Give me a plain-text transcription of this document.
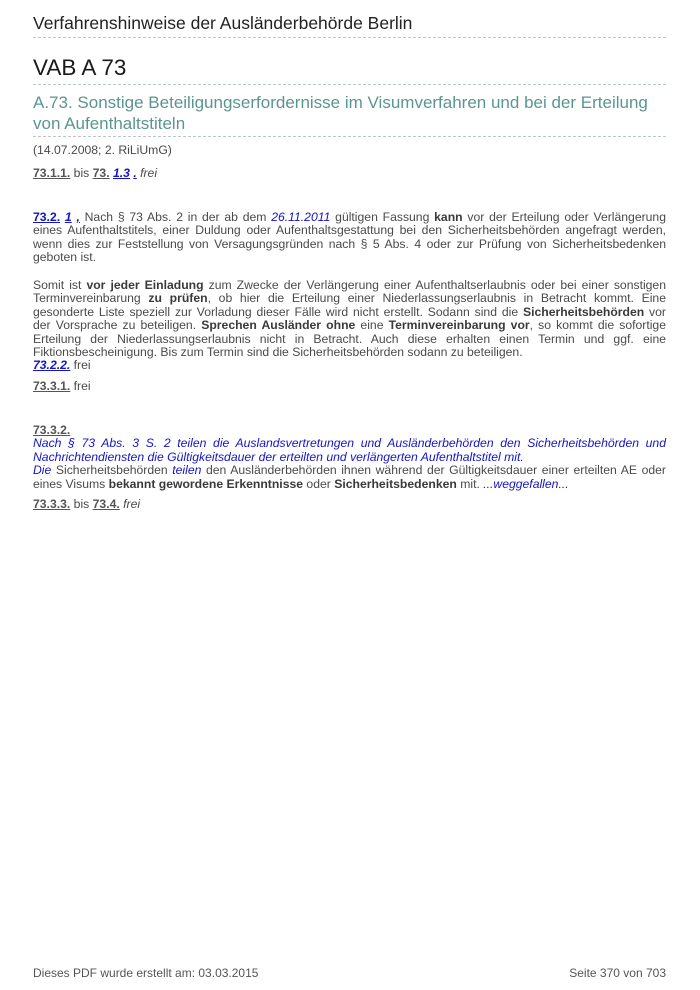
Verfahrenshinweise der Ausländerbehörde Berlin
VAB A 73
A.73. Sonstige Beteiligungserfordernisse im Visumverfahren und bei der Erteilung von Aufenthaltstiteln
(14.07.2008; 2. RiLiUmG)
73.1.1. bis 73. 1.3 . frei
73.2. 1 , Nach § 73 Abs. 2 in der ab dem 26.11.2011 gültigen Fassung kann vor der Erteilung oder Verlängerung eines Aufenthaltstitels, einer Duldung oder Aufenthaltsgestattung bei den Sicherheitsbehörden angefragt werden, wenn dies zur Feststellung von Versagungsgründen nach § 5 Abs. 4 oder zur Prüfung von Sicherheitsbedenken geboten ist.
Somit ist vor jeder Einladung zum Zwecke der Verlängerung einer Aufenthaltserlaubnis oder bei einer sonstigen Terminvereinbarung zu prüfen, ob hier die Erteilung einer Niederlassungserlaubnis in Betracht kommt. Eine gesonderte Liste speziell zur Vorladung dieser Fälle wird nicht erstellt. Sodann sind die Sicherheitsbehörden vor der Vorsprache zu beteiligen. Sprechen Ausländer ohne eine Terminvereinbarung vor, so kommt die sofortige Erteilung der Niederlassungserlaubnis nicht in Betracht. Auch diese erhalten einen Termin und ggf. eine Fiktionsbescheinigung. Bis zum Termin sind die Sicherheitsbehörden sodann zu beteiligen.
73.2.2. frei
73.3.1. frei
73.3.2.
Nach § 73 Abs. 3 S. 2 teilen die Auslandsvertretungen und Ausländerbehörden den Sicherheitsbehörden und Nachrichtendiensten die Gültigkeitsdauer der erteilten und verlängerten Aufenthaltstitel mit.
Die Sicherheitsbehörden teilen den Ausländerbehörden ihnen während der Gültigkeitsdauer einer erteilten AE oder eines Visums bekannt gewordene Erkenntnisse oder Sicherheitsbedenken mit. ...weggefallen...
73.3.3. bis 73.4. frei
Dieses PDF wurde erstellt am: 03.03.2015	Seite 370 von 703
